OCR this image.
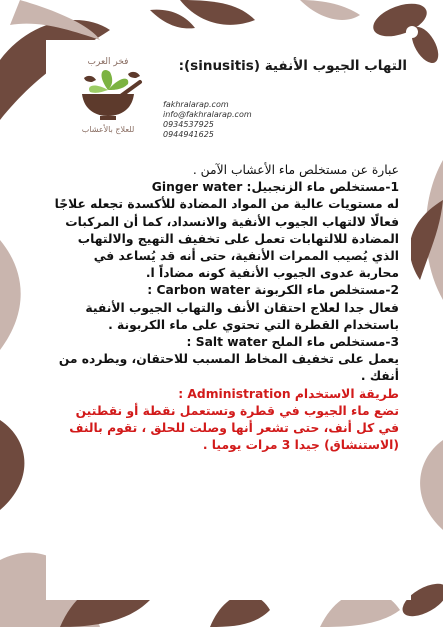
التهاب الجيوب الأنفية (sinusitis):
فخر العرب
للعلاج بالأعشاب
fakhralarap.com
info@fakhralarap.com
0934537925
0944941625

عبارة عن مستخلص ماء الأعشاب الآمن .

1-مستخلص ماء الزنجبيل: Ginger water

له مستويات عالية من المواد المضادة للأكسدة تجعله علاجًا فعالًا لالتهاب الجيوب الأنفية والانسداد، كما أن المركبات المضادة للالتهابات تعمل على تخفيف التهيج والالتهاب الذي يُصيب الممرات الأنفية، حتى أنه قد يُساعد في محاربة عدوى الجيوب الأنفية كونه مضاداً ا.

2-مستخلص ماء الكربونة Carbon water :

فعال جدا لعلاج احتقان الأنف والتهاب الجيوب الأنفية باستخدام القطرة التي تحتوي على ماء الكربونة .

3-مستخلص ماء الملح Salt water :

يعمل على تخفيف المخاط المسبب للاحتقان، ويطرده من أنفك .

طريقة الاستخدام Administration :

تضع ماء الجيوب في قطرة وتستعمل نقطة أو نقطتين في كل أنف، حتى تشعر أنها وصلت للحلق ، تقوم بالنف (الاستنشاق) جيدا 3 مرات يوميا .
